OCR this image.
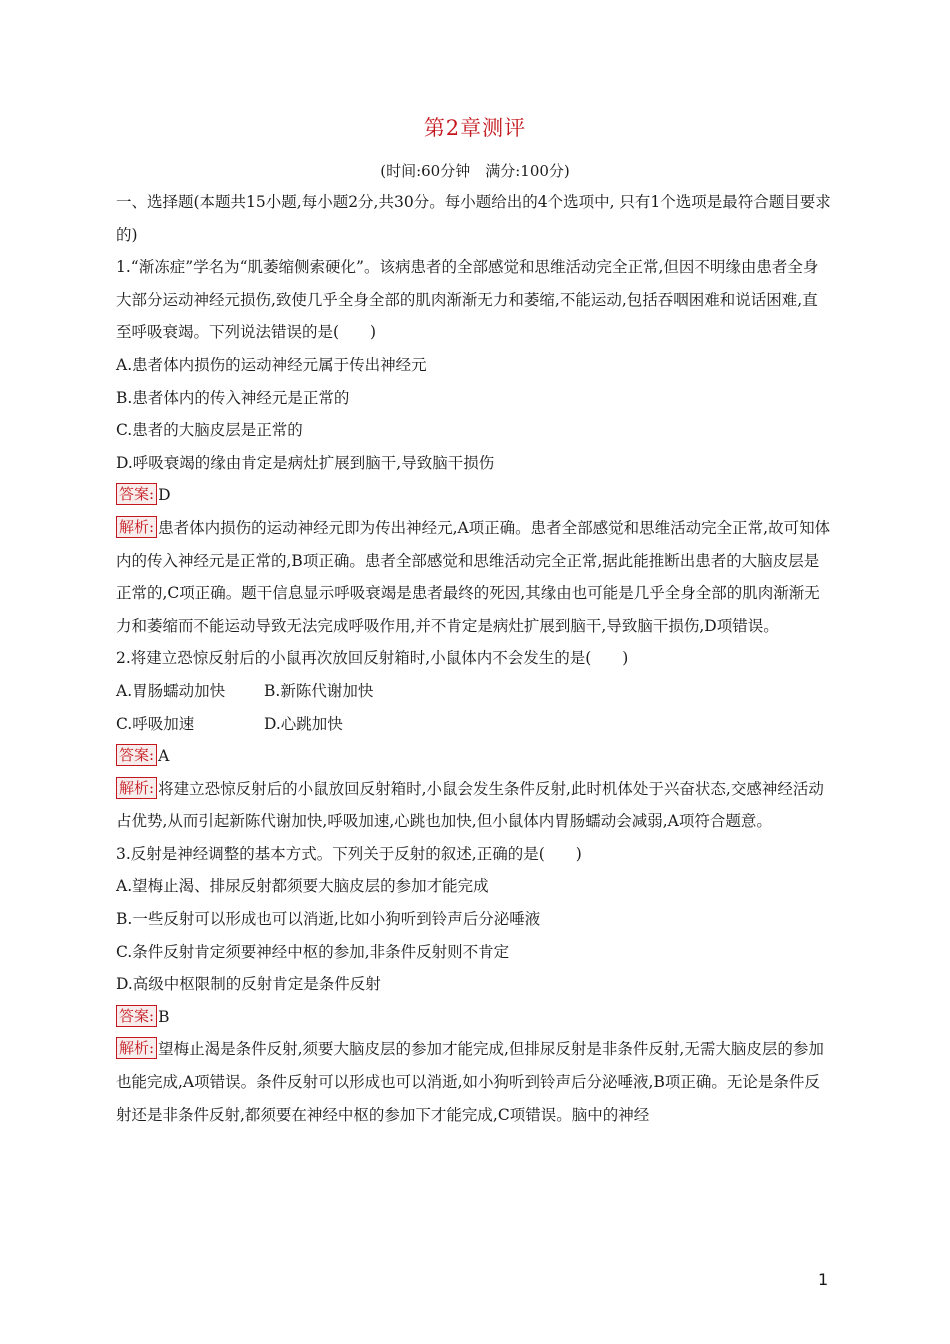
第2章测评
(时间:60分钟　满分:100分)

一、选择题(本题共15小题,每小题2分,共30分。每小题给出的4个选项中, 只有1个选项是最符合题目要求的)

1.“渐冻症”学名为“肌萎缩侧索硬化”。该病患者的全部感觉和思维活动完全正常,但因不明缘由患者全身大部分运动神经元损伤,致使几乎全身全部的肌肉渐渐无力和萎缩,不能运动,包括吞咽困难和说话困难,直至呼吸衰竭。下列说法错误的是(　　)

A.患者体内损伤的运动神经元属于传出神经元

B.患者体内的传入神经元是正常的

C.患者的大脑皮层是正常的

D.呼吸衰竭的缘由肯定是病灶扩展到脑干,导致脑干损伤

答案: D

解析: 患者体内损伤的运动神经元即为传出神经元,A项正确。患者全部感觉和思维活动完全正常,故可知体内的传入神经元是正常的,B项正确。患者全部感觉和思维活动完全正常,据此能推断出患者的大脑皮层是正常的,C项正确。题干信息显示呼吸衰竭是患者最终的死因,其缘由也可能是几乎全身全部的肌肉渐渐无力和萎缩而不能运动导致无法完成呼吸作用,并不肯定是病灶扩展到脑干,导致脑干损伤,D项错误。

2.将建立恐惊反射后的小鼠再次放回反射箱时,小鼠体内不会发生的是(　　)

A.胃肠蠕动加快	B.新陈代谢加快

C.呼吸加速	D.心跳加快

答案: A

解析: 将建立恐惊反射后的小鼠放回反射箱时,小鼠会发生条件反射,此时机体处于兴奋状态,交感神经活动占优势,从而引起新陈代谢加快,呼吸加速,心跳也加快,但小鼠体内胃肠蠕动会减弱,A项符合题意。

3.反射是神经调整的基本方式。下列关于反射的叙述,正确的是(　　)

A.望梅止渴、排尿反射都须要大脑皮层的参加才能完成

B.一些反射可以形成也可以消逝,比如小狗听到铃声后分泌唾液

C.条件反射肯定须要神经中枢的参加,非条件反射则不肯定

D.高级中枢限制的反射肯定是条件反射

答案: B

解析: 望梅止渴是条件反射,须要大脑皮层的参加才能完成,但排尿反射是非条件反射,无需大脑皮层的参加也能完成,A项错误。条件反射可以形成也可以消逝,如小狗听到铃声后分泌唾液,B项正确。无论是条件反射还是非条件反射,都须要在神经中枢的参加下才能完成,C项错误。脑中的神经

1
